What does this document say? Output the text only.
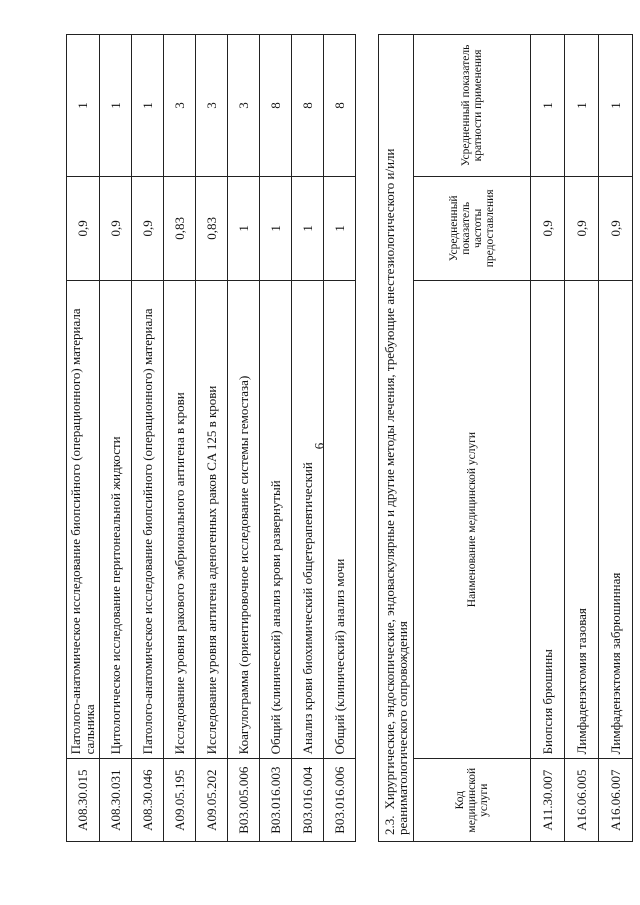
6
A08.30.015	Патолого-анатомическое исследование биопсийного (операционного) материала сальника	0,9	1
A08.30.031	Цитологическое исследование перитонеальной жидкости	0,9	1
A08.30.046	Патолого-анатомическое исследование биопсийного (операционного) материала	0,9	1
A09.05.195	Исследование уровня ракового эмбрионального антигена в крови	0,83	3
A09.05.202	Исследование уровня антигена аденогенных раков CA 125 в крови	0,83	3
B03.005.006	Коагулограмма (ориентировочное исследование системы гемостаза)	1	3
B03.016.003	Общий (клинический) анализ крови развернутый	1	8
B03.016.004	Анализ крови биохимический общетерапевтический	1	8
B03.016.006	Общий (клинический) анализ мочи	1	8
2.3.Хирургические, эндоскопические, эндоваскулярные и другие методы лечения, требующие анестезиологического и/или реаниматологического сопровождения			
Код медицинской услуги	Наименование медицинской услуги	Усредненный показатель частоты предоставления	Усредненный показатель кратности применения
A11.30.007	Биопсия брюшины	0,9	1
A16.06.005	Лимфаденэктомия тазовая	0,9	1
A16.06.007	Лимфаденэктомия забрюшинная	0,9	1
